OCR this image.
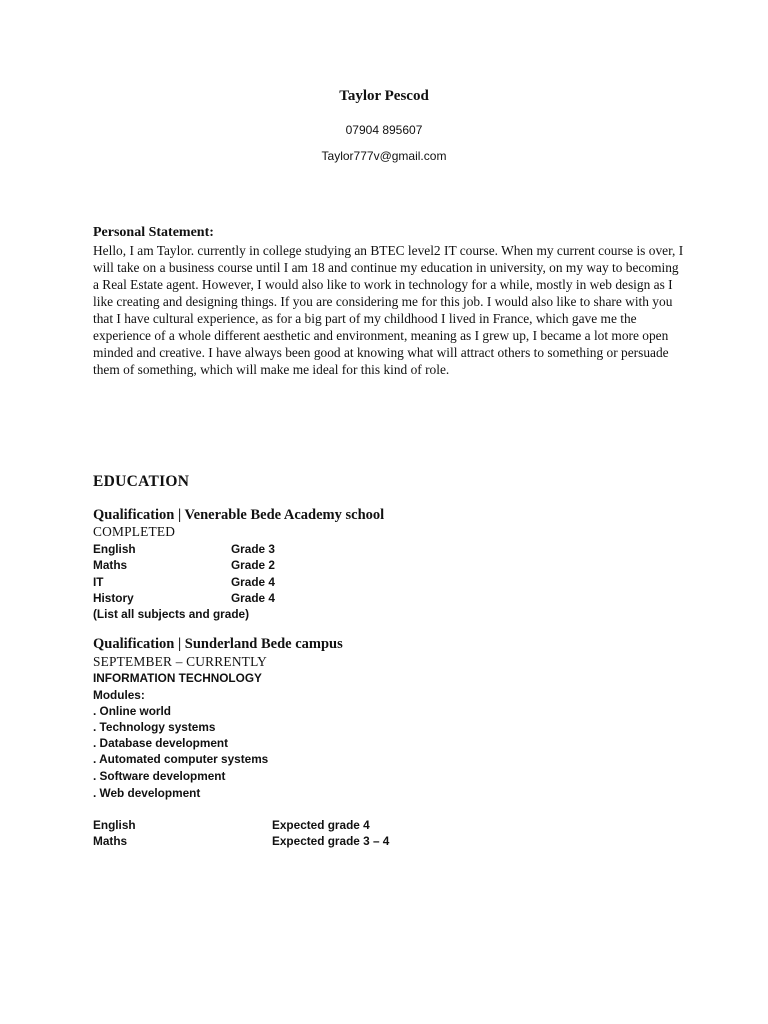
Taylor Pescod
07904 895607
Taylor777v@gmail.com
Personal Statement:

Hello, I am Taylor. currently in college studying an BTEC level2 IT course. When my current course is over, I will take on a business course until I am 18 and continue my education in university, on my way to becoming a Real Estate agent. However, I would also like to work in technology for a while, mostly in web design as I like creating and designing things. If you are considering me for this job. I would also like to share with you that I have cultural experience, as for a big part of my childhood I lived in France, which gave me the experience of a whole different aesthetic and environment, meaning as I grew up, I became a lot more open minded and creative. I have always been good at knowing what will attract others to something or persuade them of something, which will make me ideal for this kind of role.

EDUCATION
Qualification | Venerable Bede Academy school
COMPLETED
English	Grade 3
Maths	Grade 2
IT	Grade 4
History	Grade 4
(List all subjects and grade)
Qualification | Sunderland Bede campus
SEPTEMBER – CURRENTLY
INFORMATION TECHNOLOGY
Modules:
. Online world
. Technology systems
. Database development
. Automated computer systems
. Software development
. Web development
English	Expected grade 4
Maths	Expected grade 3 – 4
